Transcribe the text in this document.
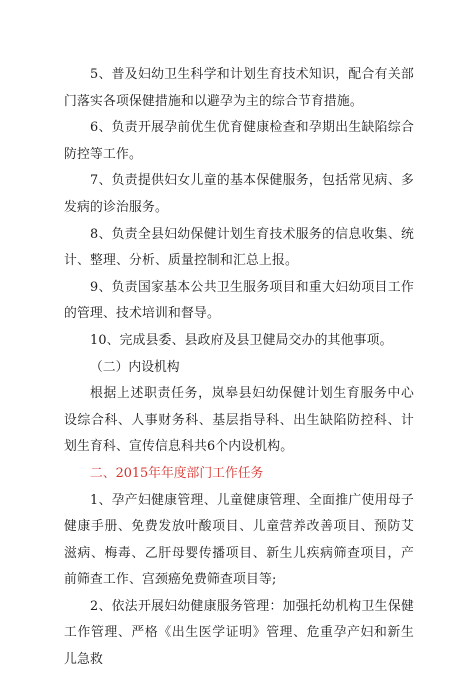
5、普及妇幼卫生科学和计划生育技术知识，配合有关部门落实各项保健措施和以避孕为主的综合节育措施。

6、负责开展孕前优生优育健康检查和孕期出生缺陷综合防控等工作。

7、负责提供妇女儿童的基本保健服务，包括常见病、多发病的诊治服务。

8、负责全县妇幼保健计划生育技术服务的信息收集、统计、整理、分析、质量控制和汇总上报。

9、负责国家基本公共卫生服务项目和重大妇幼项目工作的管理、技术培训和督导。

10、完成县委、县政府及县卫健局交办的其他事项。

（二）内设机构

根据上述职责任务，岚皋县妇幼保健计划生育服务中心设综合科、人事财务科、基层指导科、出生缺陷防控科、计划生育科、宣传信息科共6个内设机构。

二、2015年年度部门工作任务

1、孕产妇健康管理、儿童健康管理、全面推广使用母子健康手册、免费发放叶酸项目、儿童营养改善项目、预防艾滋病、梅毒、乙肝母婴传播项目、新生儿疾病筛查项目，产前筛查工作、宫颈癌免费筛查项目等;

2、依法开展妇幼健康服务管理：加强托幼机构卫生保健工作管理、严格《出生医学证明》管理、危重孕产妇和新生儿急救
